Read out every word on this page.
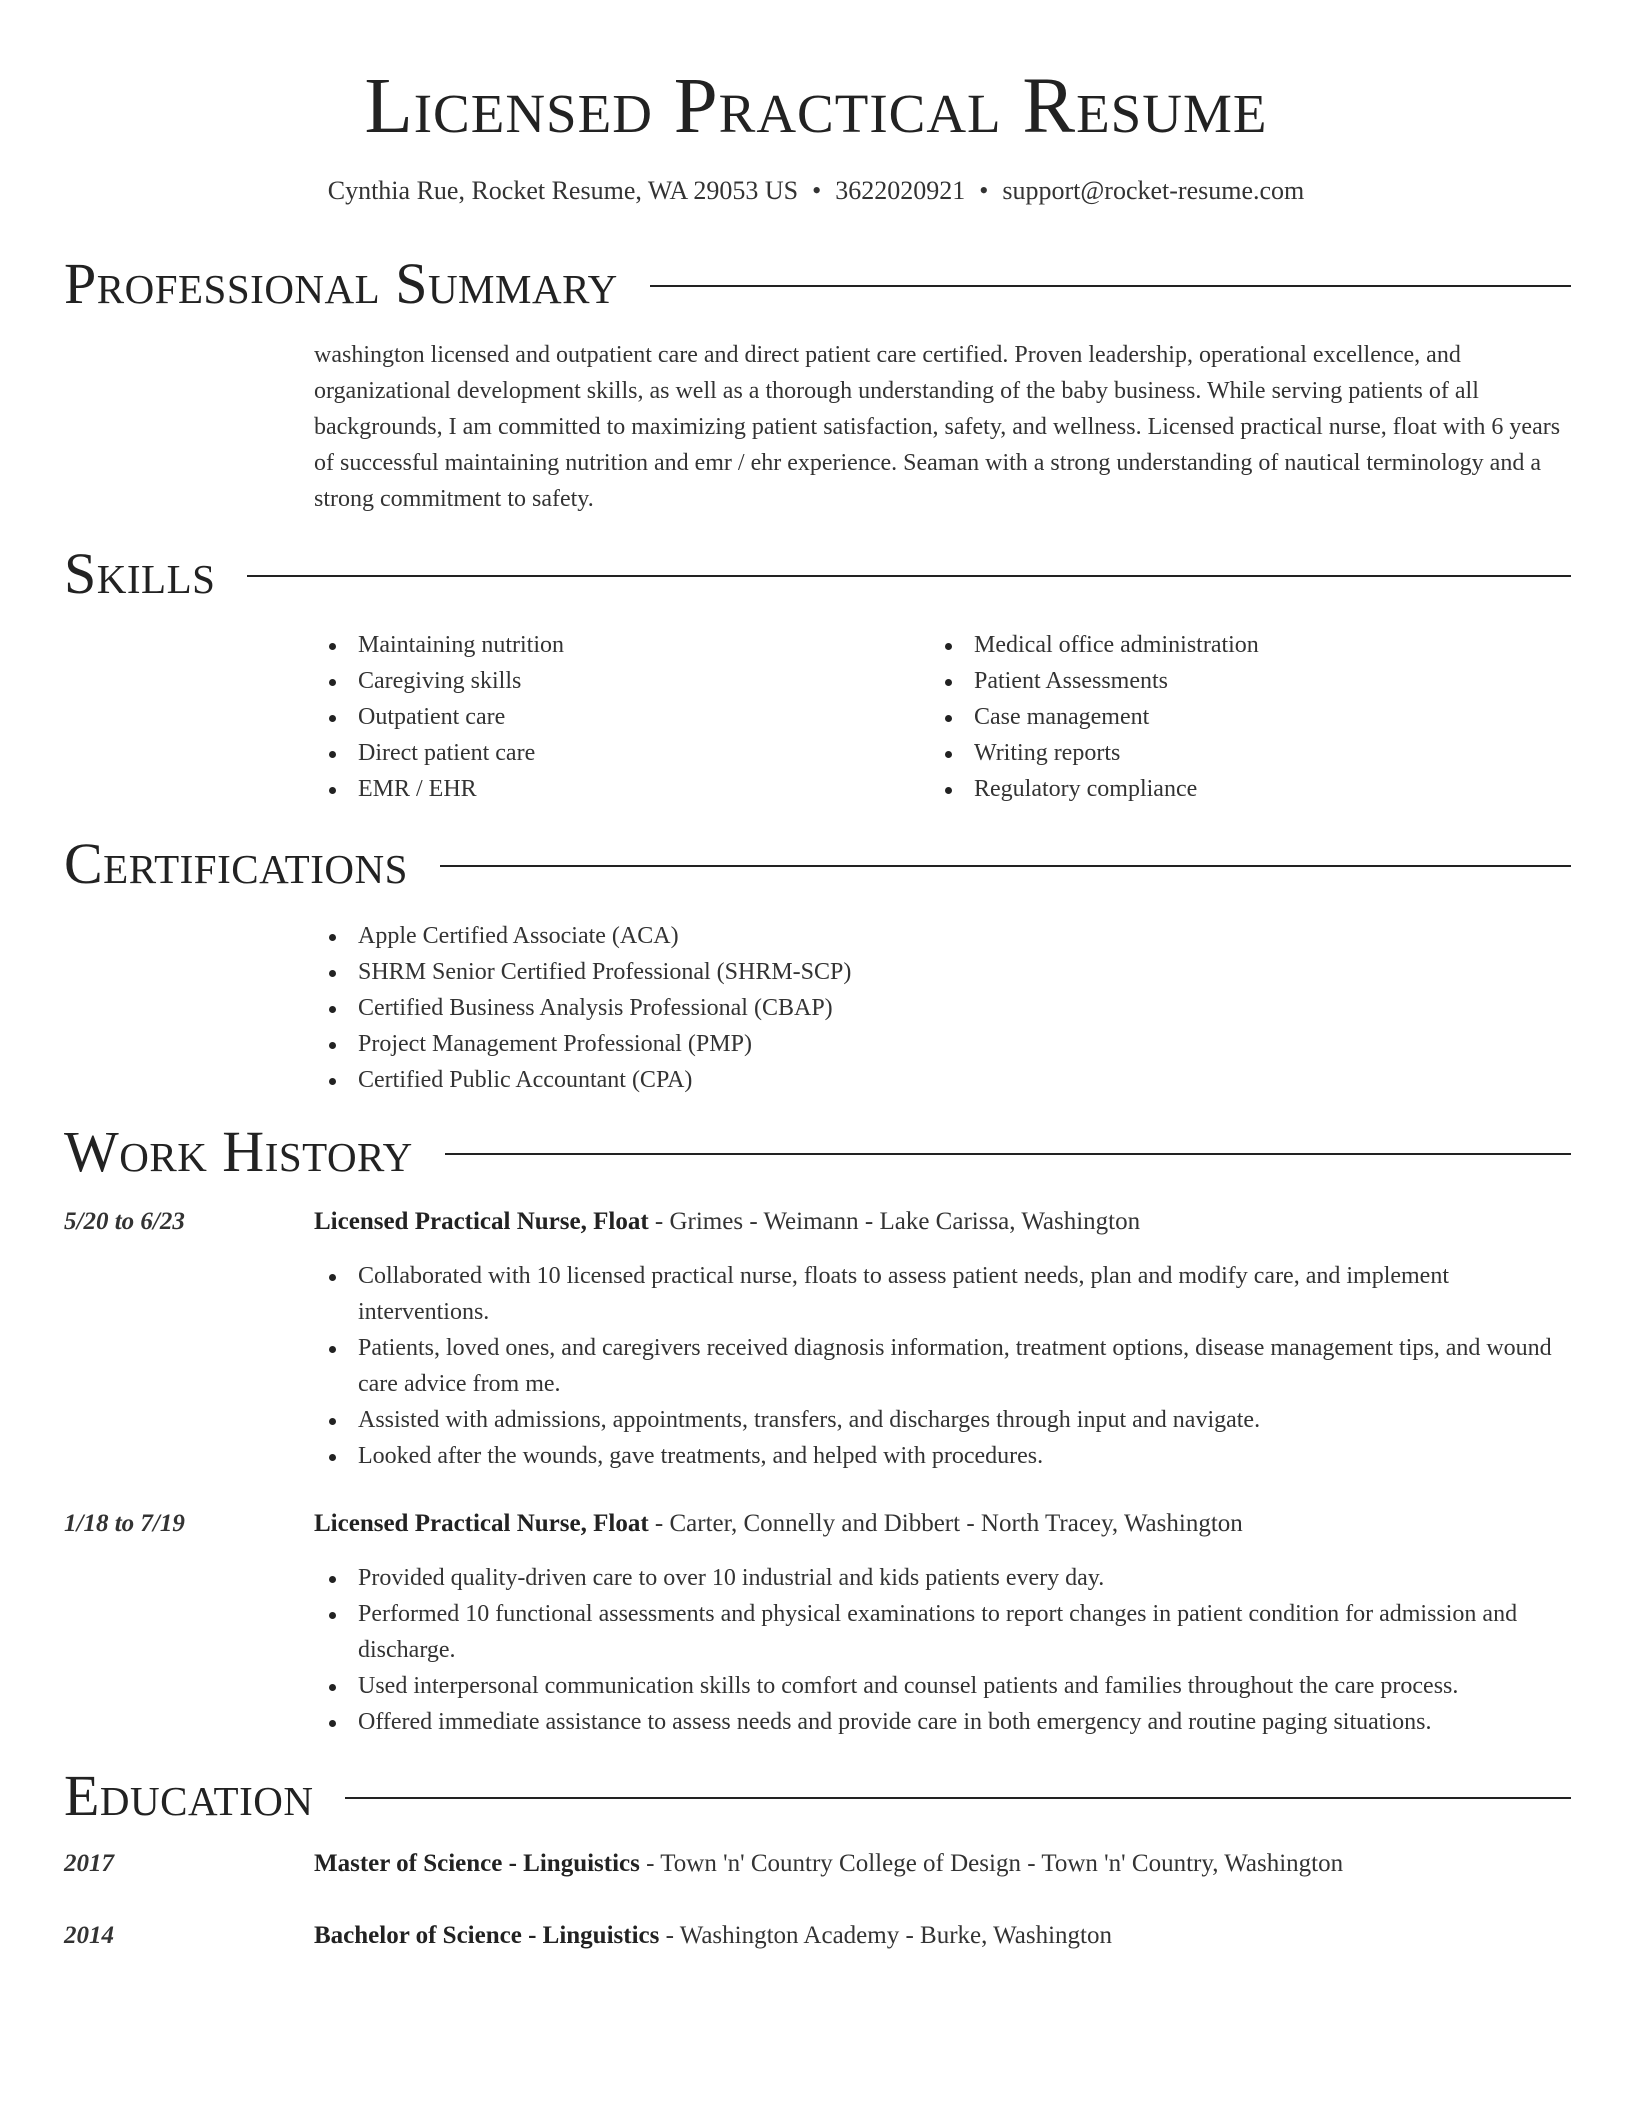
Licensed Practical Resume
Cynthia Rue, Rocket Resume, WA 29053 US • 3622020921 • support@rocket-resume.com
Professional Summary

washington licensed and outpatient care and direct patient care certified. Proven leadership, operational excellence, and organizational development skills, as well as a thorough understanding of the baby business. While serving patients of all backgrounds, I am committed to maximizing patient satisfaction, safety, and wellness. Licensed practical nurse, float with 6 years of successful maintaining nutrition and emr / ehr experience. Seaman with a strong understanding of nautical terminology and a strong commitment to safety.

Skills
Maintaining nutrition
Caregiving skills
Outpatient care
Direct patient care
EMR / EHR
Medical office administration
Patient Assessments
Case management
Writing reports
Regulatory compliance
Certifications
Apple Certified Associate (ACA)
SHRM Senior Certified Professional (SHRM-SCP)
Certified Business Analysis Professional (CBAP)
Project Management Professional (PMP)
Certified Public Accountant (CPA)
Work History
5/20 to 6/23	Licensed Practical Nurse, Float - Grimes - Weimann - Lake Carissa, Washington
Collaborated with 10 licensed practical nurse, floats to assess patient needs, plan and modify care, and implement interventions.
Patients, loved ones, and caregivers received diagnosis information, treatment options, disease management tips, and wound care advice from me.
Assisted with admissions, appointments, transfers, and discharges through input and navigate.
Looked after the wounds, gave treatments, and helped with procedures.
1/18 to 7/19	Licensed Practical Nurse, Float - Carter, Connelly and Dibbert - North Tracey, Washington
Provided quality-driven care to over 10 industrial and kids patients every day.
Performed 10 functional assessments and physical examinations to report changes in patient condition for admission and discharge.
Used interpersonal communication skills to comfort and counsel patients and families throughout the care process.
Offered immediate assistance to assess needs and provide care in both emergency and routine paging situations.
Education
2017	Master of Science - Linguistics - Town 'n' Country College of Design - Town 'n' Country, Washington
2014	Bachelor of Science - Linguistics - Washington Academy - Burke, Washington
